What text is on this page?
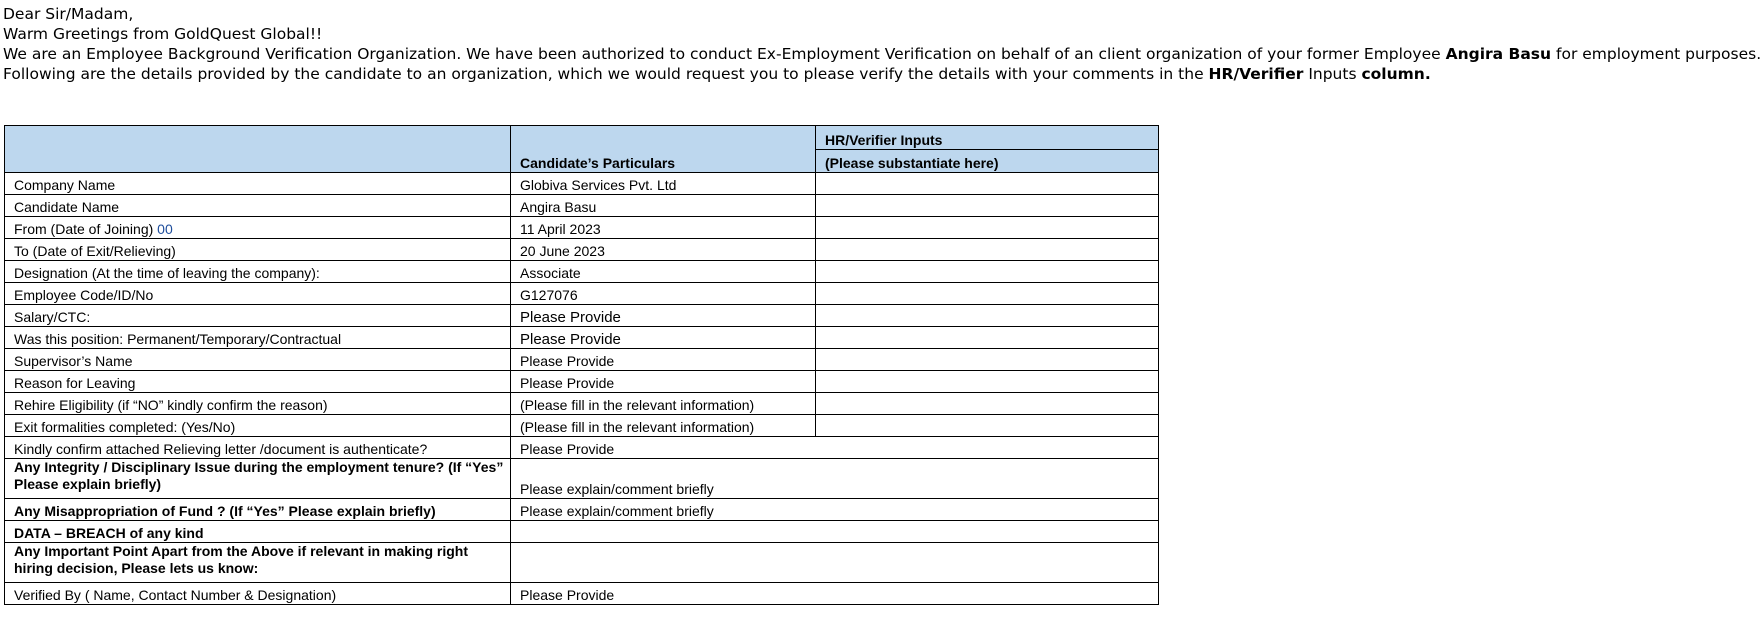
Dear Sir/Madam,

Warm Greetings from GoldQuest Global!!

We are an Employee Background Verification Organization. We have been authorized to conduct Ex-Employment Verification on behalf of an client organization of your former Employee Angira Basu for employment purposes.

Following are the details provided by the candidate to an organization, which we would request you to please verify the details with your comments in the HR/Verifier Inputs column.

	Candidate’s Particulars	HR/Verifier Inputs
		(Please substantiate here)
Company Name	Globiva Services Pvt. Ltd	
Candidate Name	Angira Basu	
From (Date of Joining) 00	11 April 2023	
To (Date of Exit/Relieving)	20 June 2023	
Designation (At the time of leaving the company):	Associate	
Employee Code/ID/No	G127076	
Salary/CTC:	Please Provide	
Was this position: Permanent/Temporary/Contractual	Please Provide	
Supervisor’s Name	Please Provide	
Reason for Leaving	Please Provide	
Rehire Eligibility (if “NO” kindly confirm the reason)	(Please fill in the relevant information)	
Exit formalities completed: (Yes/No)	(Please fill in the relevant information)	
Kindly confirm attached Relieving letter /document is authenticate?	Please Provide	
Any Integrity / Disciplinary Issue during the employment tenure? (If “Yes” Please explain briefly)	Please explain/comment briefly	
Any Misappropriation of Fund ? (If “Yes” Please explain briefly)	Please explain/comment briefly	
DATA – BREACH of any kind		
Any Important Point Apart from the Above if relevant in making right hiring decision, Please lets us know:		
Verified By ( Name, Contact Number & Designation)	Please Provide	
